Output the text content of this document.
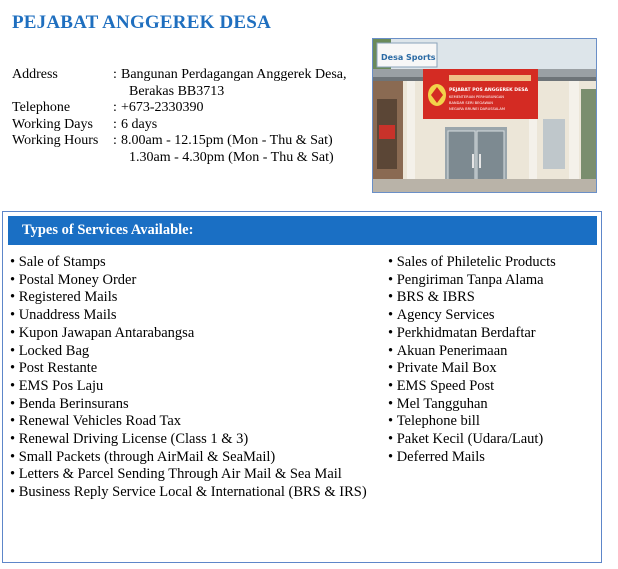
PEJABAT ANGGEREK DESA
Address	: Bangunan Perdagangan Anggerek Desa,
Berakas BB3713
Telephone	: +673-2330390
Working Days	: 6 days
Working Hours	: 8.00am - 12.15pm (Mon - Thu & Sat)
1.30am - 4.30pm (Mon - Thu & Sat)
Desa Sports
PEJABAT POS ANGGEREK DESA
KEMENTERIAN PERHUBUNGAN
BANDAR SERI BEGAWAN
NEGARA BRUNEI DARUSSALAM
Types of Services Available:
• Sale of Stamps
• Postal Money Order
• Registered Mails
• Unaddress Mails
• Kupon Jawapan Antarabangsa
• Locked Bag
• Post Restante
• EMS Pos Laju
• Benda Berinsurans
• Renewal Vehicles Road Tax
• Renewal Driving License (Class 1 & 3)
• Small Packets (through AirMail & SeaMail)
• Letters & Parcel Sending Through Air Mail & Sea Mail
• Business Reply Service Local & International (BRS & IRS)
• Sales of Philetelic Products
• Pengiriman Tanpa Alama
• BRS & IBRS
• Agency Services
• Perkhidmatan Berdaftar
• Akuan Penerimaan
• Private Mail Box
• EMS Speed Post
• Mel Tangguhan
• Telephone bill
• Paket Kecil (Udara/Laut)
• Deferred Mails
